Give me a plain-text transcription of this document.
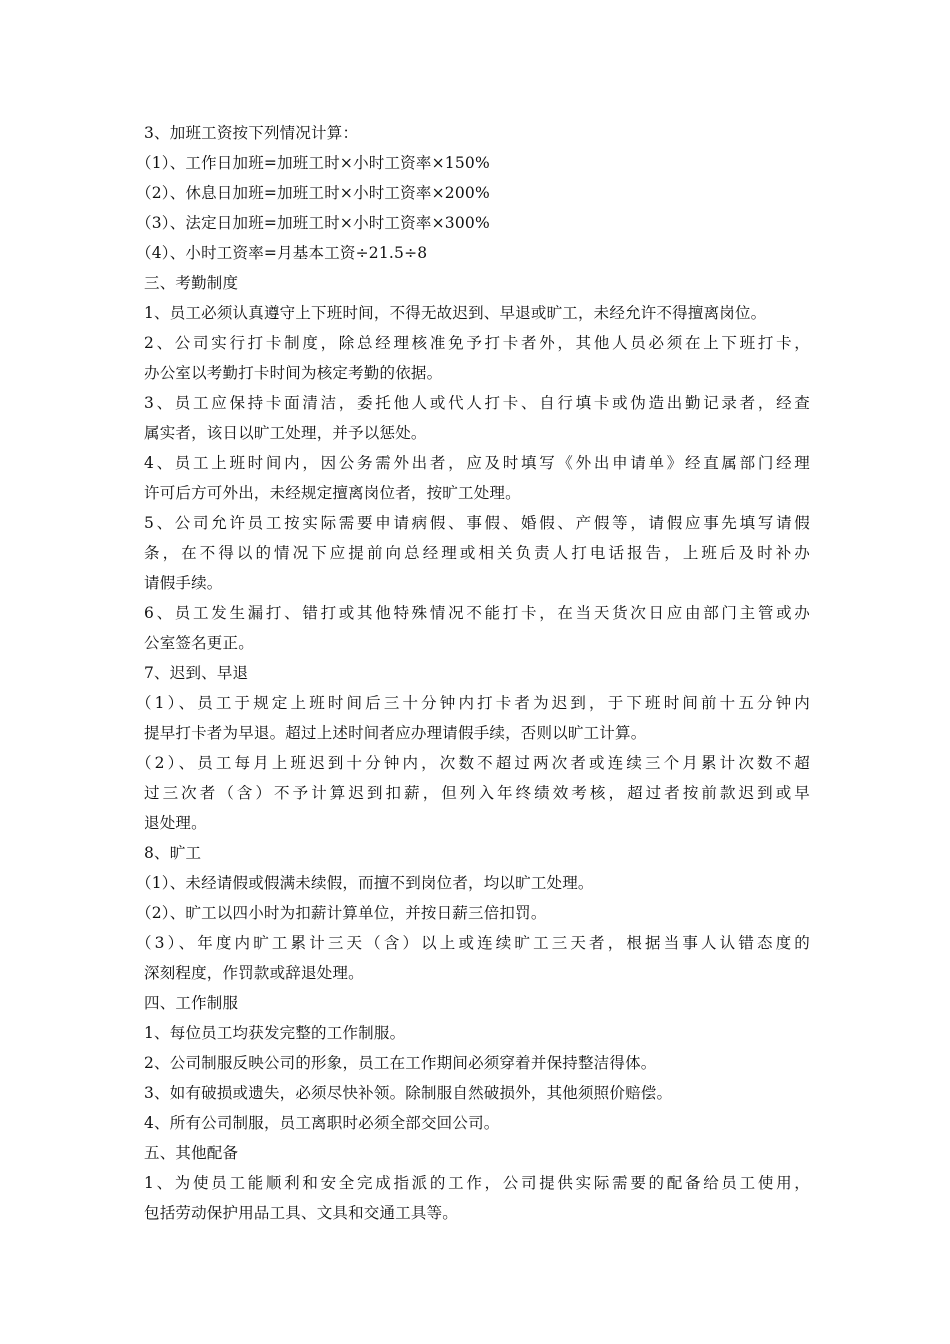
3、加班工资按下列情况计算：
（1）、工作日加班=加班工时×小时工资率×150%
（2）、休息日加班=加班工时×小时工资率×200%
（3）、法定日加班=加班工时×小时工资率×300%
（4）、小时工资率=月基本工资÷21.5÷8
三、考勤制度
1、员工必须认真遵守上下班时间，不得无故迟到、早退或旷工，未经允许不得擅离岗位。
2、公司实行打卡制度，除总经理核准免予打卡者外，其他人员必须在上下班打卡，
办公室以考勤打卡时间为核定考勤的依据。
3、员工应保持卡面清洁，委托他人或代人打卡、自行填卡或伪造出勤记录者，经查
属实者，该日以旷工处理，并予以惩处。
4、员工上班时间内，因公务需外出者，应及时填写《外出申请单》经直属部门经理
许可后方可外出，未经规定擅离岗位者，按旷工处理。
5、公司允许员工按实际需要申请病假、事假、婚假、产假等，请假应事先填写请假
条，在不得以的情况下应提前向总经理或相关负责人打电话报告，上班后及时补办
请假手续。
6、员工发生漏打、错打或其他特殊情况不能打卡，在当天货次日应由部门主管或办
公室签名更正。
7、迟到、早退
（1）、员工于规定上班时间后三十分钟内打卡者为迟到，于下班时间前十五分钟内
提早打卡者为早退。超过上述时间者应办理请假手续，否则以旷工计算。
（2）、员工每月上班迟到十分钟内，次数不超过两次者或连续三个月累计次数不超
过三次者（含）不予计算迟到扣薪，但列入年终绩效考核，超过者按前款迟到或早
退处理。
8、旷工
（1）、未经请假或假满未续假，而擅不到岗位者，均以旷工处理。
（2）、旷工以四小时为扣薪计算单位，并按日薪三倍扣罚。
（3）、年度内旷工累计三天（含）以上或连续旷工三天者，根据当事人认错态度的
深刻程度，作罚款或辞退处理。
四、工作制服
1、每位员工均获发完整的工作制服。
2、公司制服反映公司的形象，员工在工作期间必须穿着并保持整洁得体。
3、如有破损或遗失，必须尽快补领。除制服自然破损外，其他须照价赔偿。
4、所有公司制服，员工离职时必须全部交回公司。
五、其他配备
1、为使员工能顺利和安全完成指派的工作，公司提供实际需要的配备给员工使用，
包括劳动保护用品工具、文具和交通工具等。
